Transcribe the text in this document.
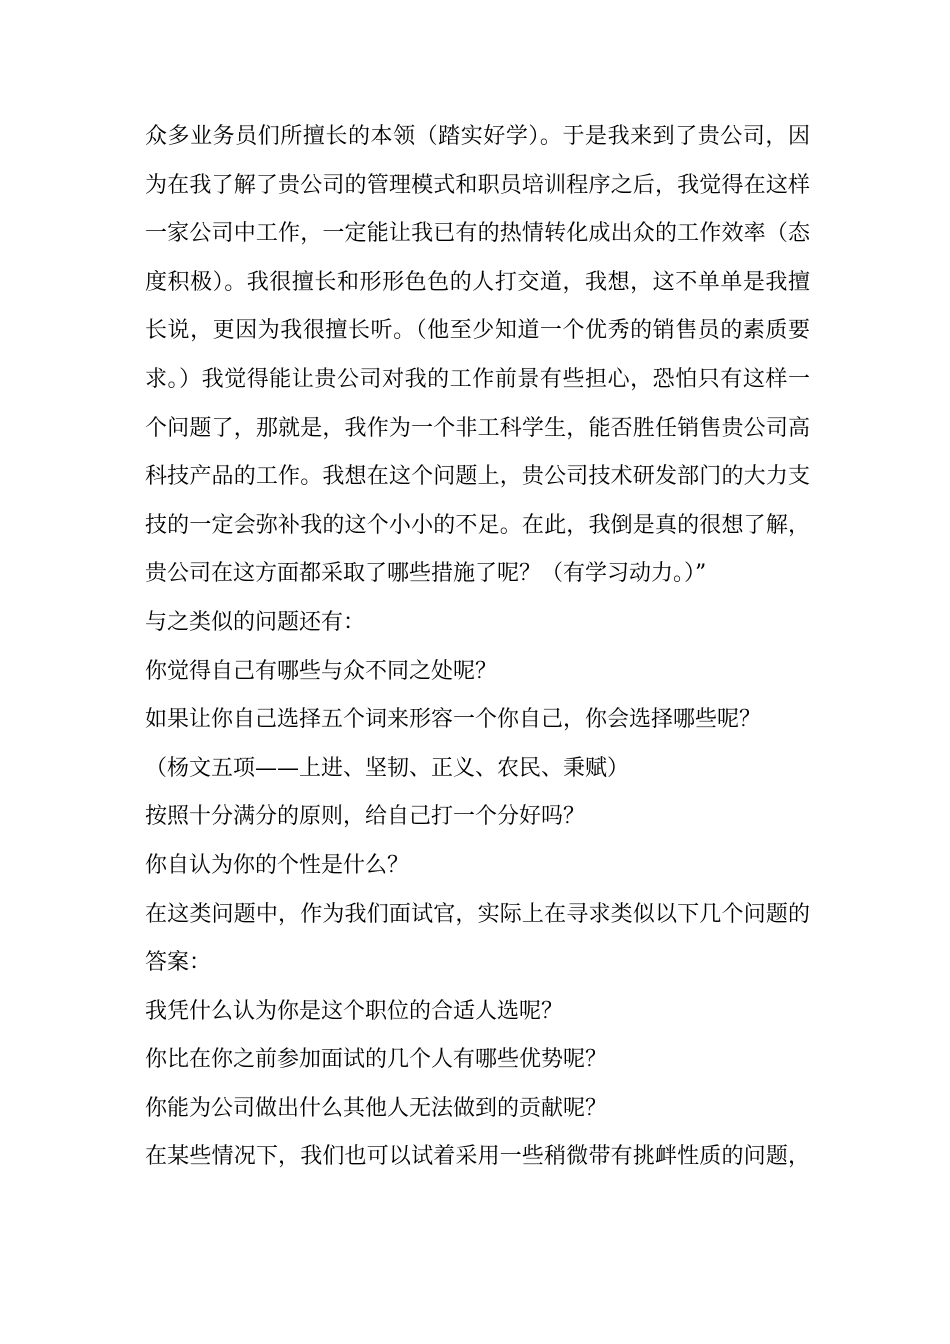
众多业务员们所擅长的本领（踏实好学）。于是我来到了贵公司，因
为在我了解了贵公司的管理模式和职员培训程序之后，我觉得在这样
一家公司中工作，一定能让我已有的热情转化成出众的工作效率（态
度积极）。我很擅长和形形色色的人打交道，我想，这不单单是我擅
长说，更因为我很擅长听。（他至少知道一个优秀的销售员的素质要
求。）我觉得能让贵公司对我的工作前景有些担心，恐怕只有这样一
个问题了，那就是，我作为一个非工科学生，能否胜任销售贵公司高
科技产品的工作。我想在这个问题上，贵公司技术研发部门的大力支
技的一定会弥补我的这个小小的不足。在此，我倒是真的很想了解，
贵公司在这方面都采取了哪些措施了呢？（有学习动力。）”
与之类似的问题还有：
你觉得自己有哪些与众不同之处呢？
如果让你自己选择五个词来形容一个你自己，你会选择哪些呢？
（杨文五项——上进、坚韧、正义、农民、秉赋）
按照十分满分的原则，给自己打一个分好吗？
你自认为你的个性是什么？
在这类问题中，作为我们面试官，实际上在寻求类似以下几个问题的
答案：
我凭什么认为你是这个职位的合适人选呢？
你比在你之前参加面试的几个人有哪些优势呢？
你能为公司做出什么其他人无法做到的贡献呢？
在某些情况下，我们也可以试着采用一些稍微带有挑衅性质的问题，
